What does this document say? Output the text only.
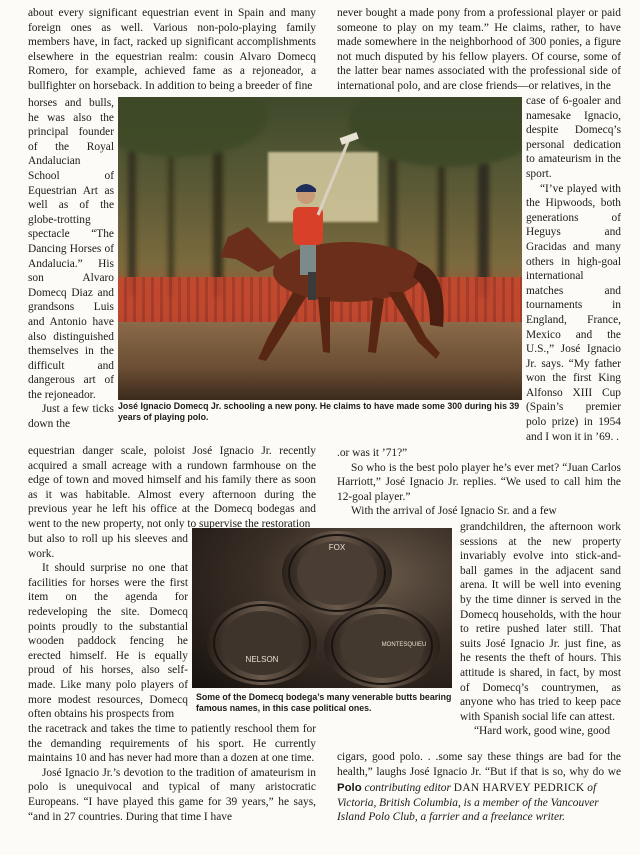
José Ignacio Domecq Jr. schooling a new pony. He claims to have made some 300 during his 39 years of playing polo.
FOX
NELSON
MONTESQUIEU
Some of the Domecq bodega’s many venerable butts bearing famous names, in this case political ones.
Polo contributing editor DAN HARVEY PEDRICK of Victoria, British Columbia, is a member of the Vancouver Island Polo Club, a farrier and a freelance writer.

about every significant equestrian event in Spain and many foreign ones as well. Various non-polo-playing family members have, in fact, racked up significant accomplishments elsewhere in the equestrian realm: cousin Alvaro Domecq Romero, for example, achieved fame as a rejoneador, a bullfighter on horseback. In addition to being a breeder of fine

horses and bulls, he was also the principal founder of the Royal Andalucian School of Equestrian Art as well as of the globe-trotting spectacle “The Dancing Horses of Andalucia.” His son Alvaro Domecq Diaz and grandsons Luis and Antonio have also distinguished themselves in the difficult and dangerous art of the rejoneador.

Just a few ticks down the

equestrian danger scale, poloist José Ignacio Jr. recently acquired a small acreage with a rundown farmhouse on the edge of town and moved himself and his family there as soon as it was habitable. Almost every afternoon during the previous year he left his office at the Domecq bodegas and went to the new property, not only to supervise the restoration

but also to roll up his sleeves and work.

It should surprise no one that facilities for horses were the first item on the agenda for redeveloping the site. Domecq points proudly to the substantial wooden paddock fencing he erected himself. He is equally proud of his horses, also self-made. Like many polo players of more modest resources, Domecq often obtains his prospects from

the racetrack and takes the time to patiently reschool them for the demanding requirements of his sport. He currently maintains 10 and has never had more than a dozen at one time.

José Ignacio Jr.’s devotion to the tradition of amateurism in polo is unequivocal and typical of many aristocratic Europeans. “I have played this game for 39 years,” he says, “and in 27 countries. During that time I have

never bought a made pony from a professional player or paid someone to play on my team.” He claims, rather, to have made somewhere in the neighborhood of 300 ponies, a figure not much disputed by his fellow players. Of course, some of the latter bear names associated with the professional side of international polo, and are close friends—or relatives, in the

case of 6-goaler and namesake Ignacio, despite Domecq’s personal dedication to amateurism in the sport.

“I’ve played with the Hipwoods, both generations of Heguys and Gracidas and many others in high-goal international matches and tournaments in England, France, Mexico and the U.S.,” José Ignacio Jr. says. “My father won the first King Alfonso XIII Cup (Spain’s premier polo prize) in 1954 and I won it in ’69. .

.or was it ’71?”

So who is the best polo player he’s ever met? “Juan Carlos Harriott,” José Ignacio Jr. replies. “We used to call him the 12-goal player.”

With the arrival of José Ignacio Sr. and a few

grandchildren, the afternoon work sessions at the new property invariably evolve into stick-and-ball games in the adjacent sand arena. It will be well into evening by the time dinner is served in the Domecq households, with the hour to retire pushed later still. That suits José Ignacio Jr. just fine, as he resents the theft of hours. This attitude is shared, in fact, by most of Domecq’s countrymen, as anyone who has tried to keep pace with Spanish social life can attest.

“Hard work, good wine, good

cigars, good polo. . .some say these things are bad for the health,” laughs José Ignacio Jr. “But if that is so, why do we
